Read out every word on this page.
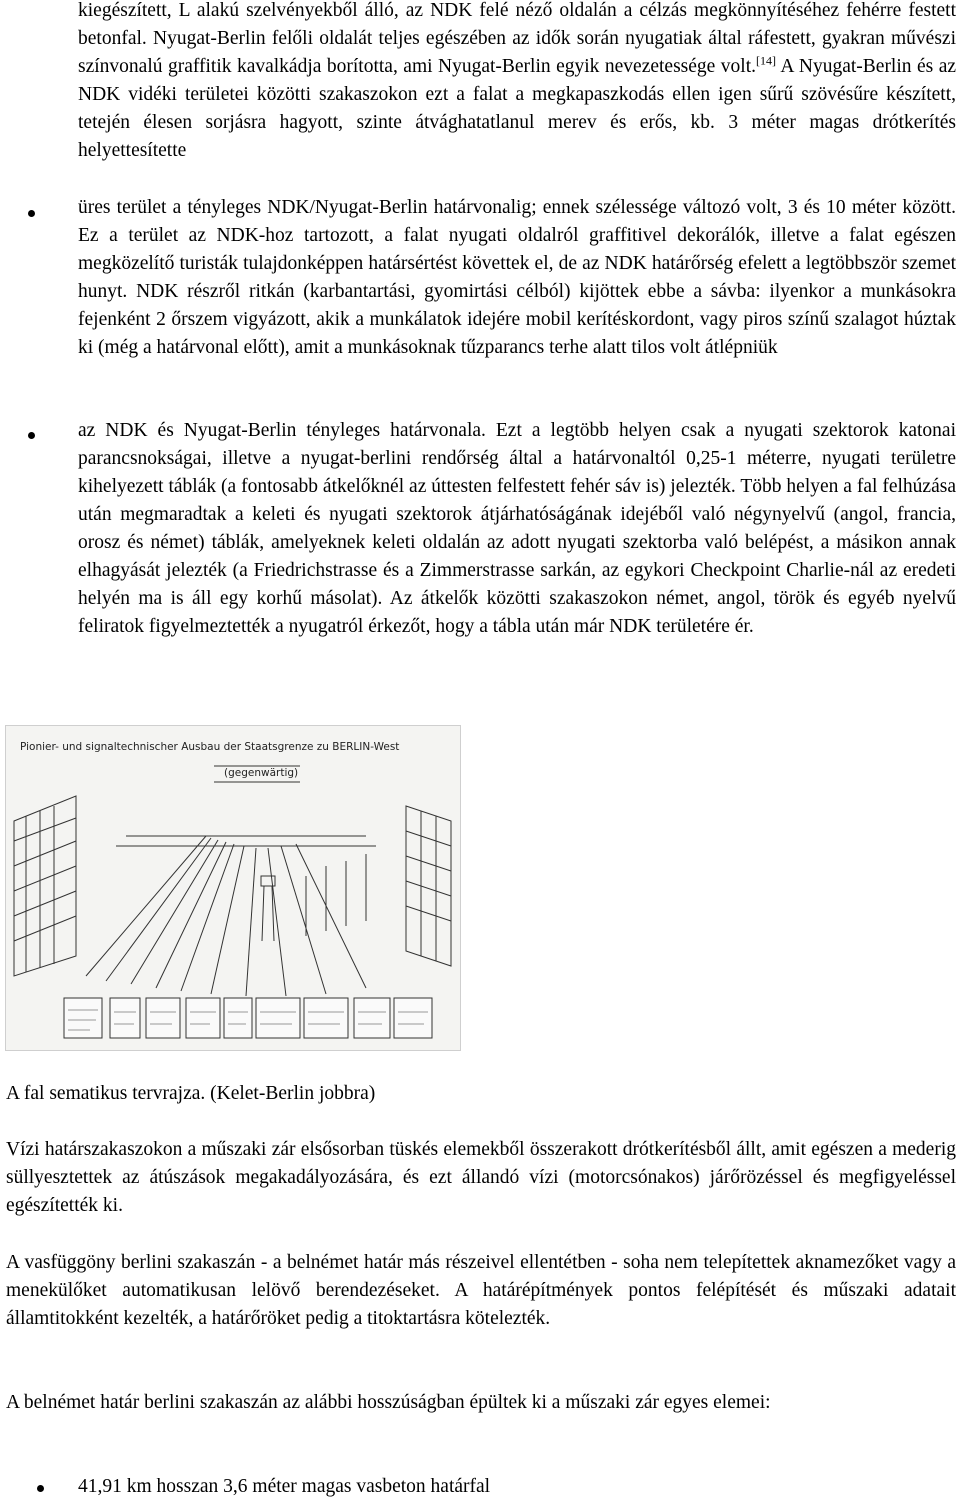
kiegészített, L alakú szelvényekből álló, az NDK felé néző oldalán a célzás megkönnyítéséhez fehérre festett betonfal. Nyugat-Berlin felőli oldalát teljes egészében az idők során nyugatiak által ráfestett, gyakran művészi színvonalú graffitik kavalkádja borította, ami Nyugat-Berlin egyik nevezetessége volt.[14] A Nyugat-Berlin és az NDK vidéki területei közötti szakaszokon ezt a falat a megkapaszkodás ellen igen sűrű szövésűre készített, tetején élesen sorjásra hagyott, szinte átvághatatlanul merev és erős, kb. 3 méter magas drótkerítés helyettesítette

üres terület a tényleges NDK/Nyugat-Berlin határvonalig; ennek szélessége változó volt, 3 és 10 méter között. Ez a terület az NDK-hoz tartozott, a falat nyugati oldalról graffitivel dekorálók, illetve a falat egészen megközelítő turisták tulajdonképpen határsértést követtek el, de az NDK határőrség efelett a legtöbbször szemet hunyt. NDK részről ritkán (karbantartási, gyomirtási célból) kijöttek ebbe a sávba: ilyenkor a munkásokra fejenként 2 őrszem vigyázott, akik a munkálatok idejére mobil kerítéskordont, vagy piros színű szalagot húztak ki (még a határvonal előtt), amit a munkásoknak tűzparancs terhe alatt tilos volt átlépniük

az NDK és Nyugat-Berlin tényleges határvonala. Ezt a legtöbb helyen csak a nyugati szektorok katonai parancsnokságai, illetve a nyugat-berlini rendőrség által a határvonaltól 0,25-1 méterre, nyugati területre kihelyezett táblák (a fontosabb átkelőknél az úttesten felfestett fehér sáv is) jelezték. Több helyen a fal felhúzása után megmaradtak a keleti és nyugati szektorok átjárhatóságának idejéből való négynyelvű (angol, francia, orosz és német) táblák, amelyeknek keleti oldalán az adott nyugati szektorba való belépést, a másikon annak elhagyását jelezték (a Friedrichstrasse és a Zimmerstrasse sarkán, az egykori Checkpoint Charlie-nál az eredeti helyén ma is áll egy korhű másolat). Az átkelők közötti szakaszokon német, angol, török és egyéb nyelvű feliratok figyelmeztették a nyugatról érkezőt, hogy a tábla után már NDK területére ér.

Pionier- und signaltechnischer Ausbau der Staatsgrenze zu BERLIN-West
(gegenwärtig)

A fal sematikus tervrajza. (Kelet-Berlin jobbra)

Vízi határszakaszokon a műszaki zár elsősorban tüskés elemekből összerakott drótkerítésből állt, amit egészen a mederig süllyesztettek az átúszások megakadályozására, és ezt állandó vízi (motorcsónakos) járőrözéssel és megfigyeléssel egészítették ki.

A vasfüggöny berlini szakaszán - a belnémet határ más részeivel ellentétben - soha nem telepítettek aknamezőket vagy a menekülőket automatikusan lelövő berendezéseket. A határépítmények pontos felépítését és műszaki adatait államtitokként kezelték, a határőröket pedig a titoktartásra kötelezték.

A belnémet határ berlini szakaszán az alábbi hosszúságban épültek ki a műszaki zár egyes elemei:

41,91 km hosszan 3,6 méter magas vasbeton határfal
